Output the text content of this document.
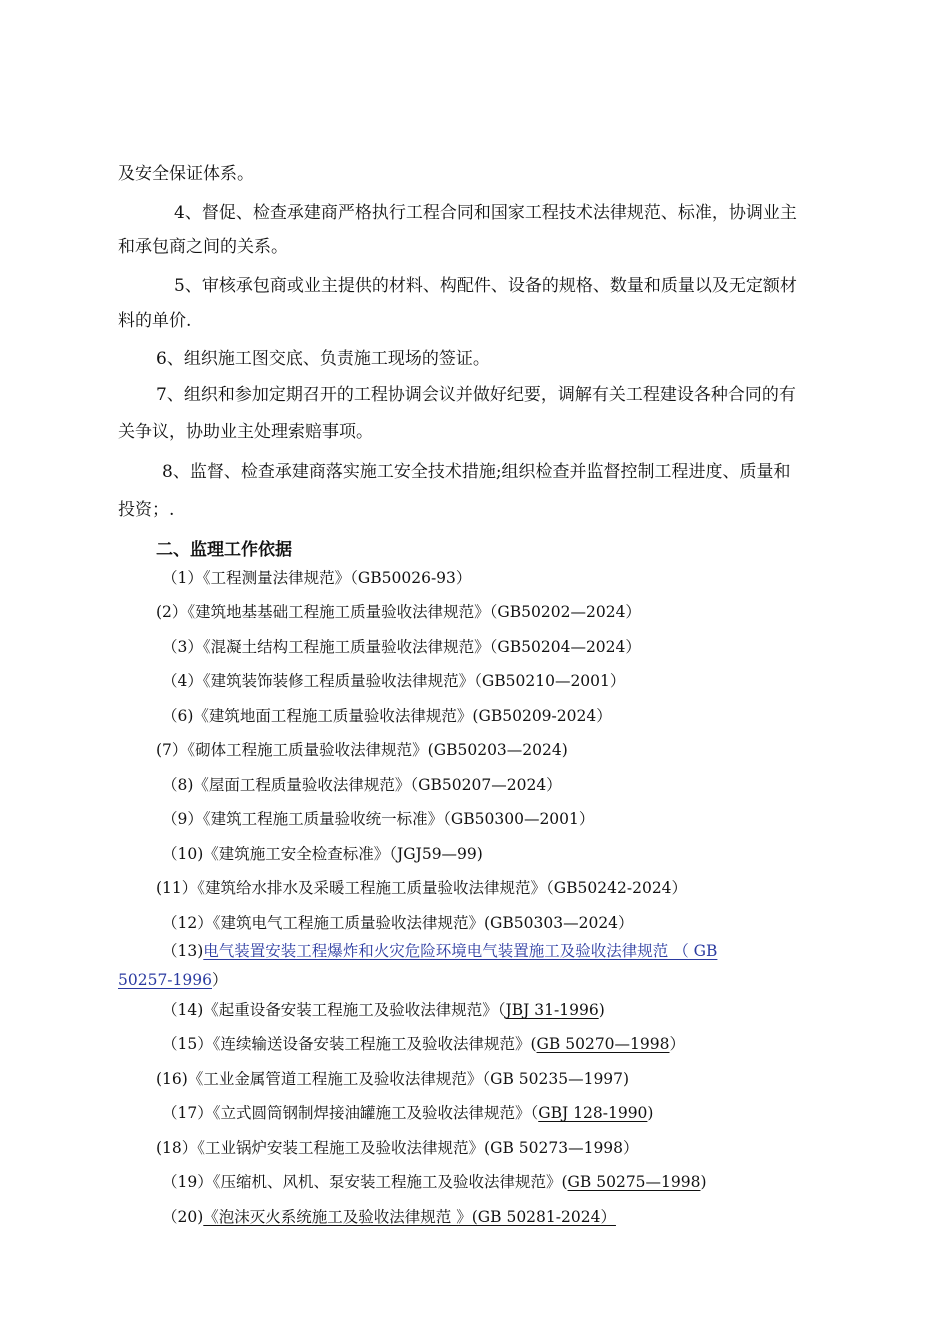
及安全保证体系。
4、督促、检查承建商严格执行工程合同和国家工程技术法律规范、标准，协调业主
和承包商之间的关系。
5、审核承包商或业主提供的材料、构配件、设备的规格、数量和质量以及无定额材
料的单价.
6、组织施工图交底、负责施工现场的签证。
7、组织和参加定期召开的工程协调会议并做好纪要，调解有关工程建设各种合同的有
关争议，协助业主处理索赔事项。
8、监督、检查承建商落实施工安全技术措施;组织检查并监督控制工程进度、质量和
投资；.
二、监理工作依据
（1）《工程测量法律规范》（GB50026-93）
(2）《建筑地基基础工程施工质量验收法律规范》（GB50202—2024）
（3）《混凝土结构工程施工质量验收法律规范》（GB50204—2024）
（4）《建筑装饰装修工程质量验收法律规范》（GB50210—2001）
（6)《建筑地面工程施工质量验收法律规范》(GB50209-2024）
(7）《砌体工程施工质量验收法律规范》(GB50203—2024)
（8)《屋面工程质量验收法律规范》（GB50207—2024）
（9）《建筑工程施工质量验收统一标准》（GB50300—2001）
（10)《建筑施工安全检查标准》（JGJ59—99)
(11）《建筑给水排水及采暖工程施工质量验收法律规范》（GB50242-2024）
（12）《建筑电气工程施工质量验收法律规范》(GB50303—2024）
（13)电气装置安装工程爆炸和火灾危险环境电气装置施工及验收法律规范 （ GB
50257-1996）
（14)《起重设备安装工程施工及验收法律规范》（JBJ 31-1996)
（15）《连续输送设备安装工程施工及验收法律规范》(GB 50270—1998）
(16)《工业金属管道工程施工及验收法律规范》（GB 50235—1997)
（17）《立式圆筒钢制焊接油罐施工及验收法律规范》（GBJ 128-1990)
(18）《工业锅炉安装工程施工及验收法律规范》(GB 50273—1998）
（19）《压缩机、风机、泵安装工程施工及验收法律规范》(GB 50275—1998)
（20)《泡沫灭火系统施工及验收法律规范 》(GB 50281-2024）
